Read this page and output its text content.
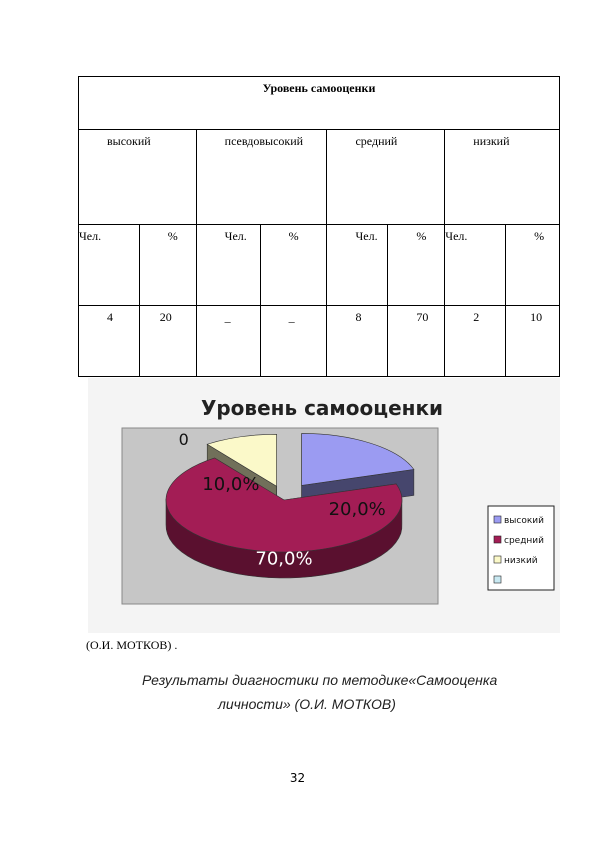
Уровень самооценки							
высокий		псевдовысокий		средний		низкий	
Чел.	%	Чел.	%	Чел.	%	Чел.	%
4	20	_	_	8	70	2	10
20,0%
70,0%
10,0%
0
Уровень самооценки
высокий
средний
низкий
(О.И. МОТКОВ) .
Результаты диагностики по методике«Самооценка
личности» (О.И. МОТКОВ)
32
